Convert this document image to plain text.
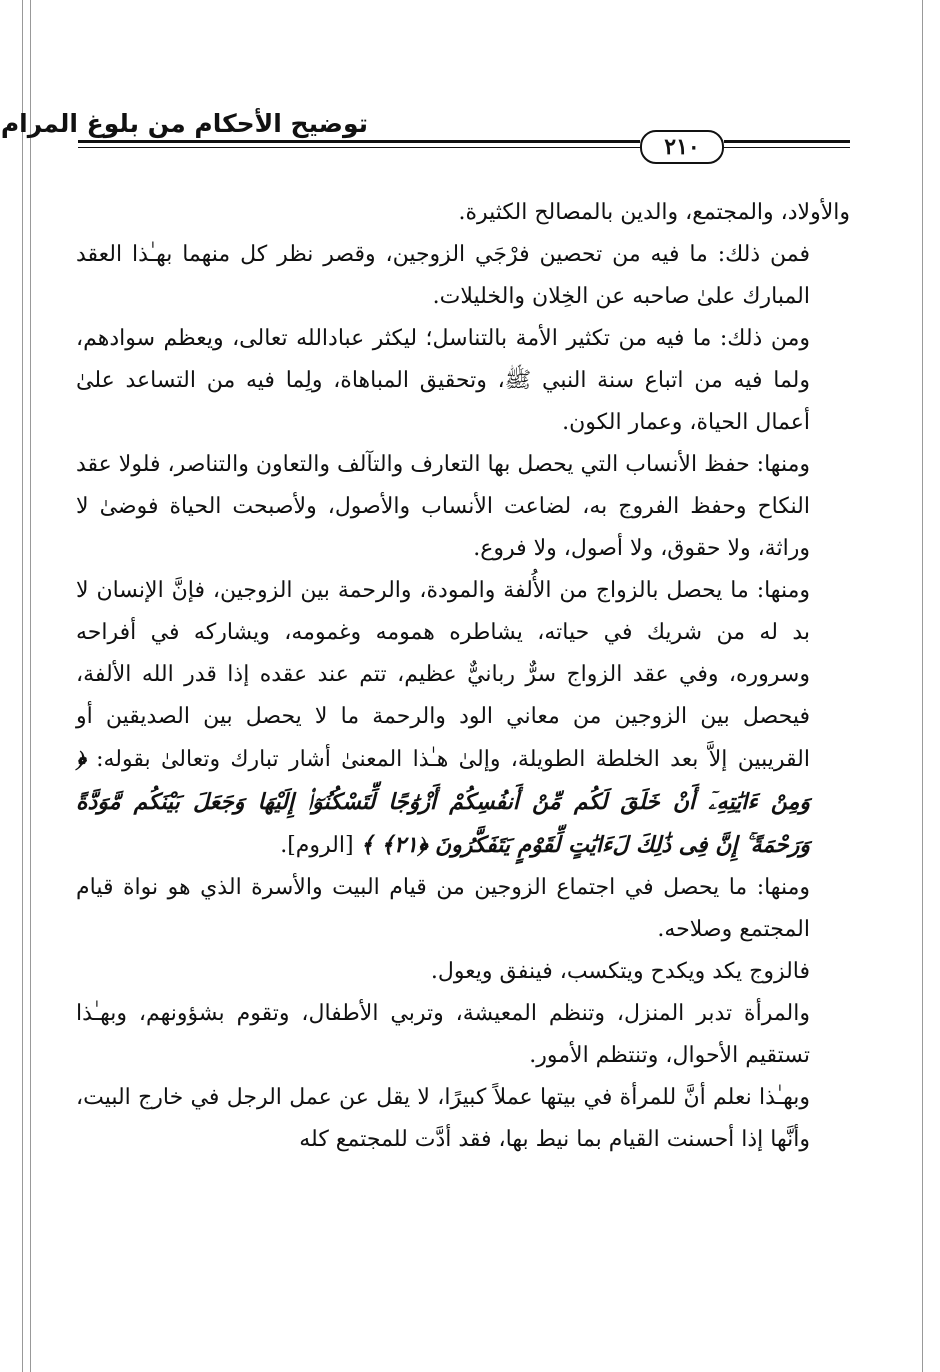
توضيح الأحكام من بلوغ المرام
٢١٠

والأولاد، والمجتمع، والدين بالمصالح الكثيرة.

فمن ذلك: ما فيه من تحصين فرْجَي الزوجين، وقصر نظر كل منهما بهـٰذا العقد المبارك علىٰ صاحبه عن الخِلان والخليلات.

ومن ذلك: ما فيه من تكثير الأمة بالتناسل؛ ليكثر عبادالله تعالى، ويعظم سوادهم، ولما فيه من اتباع سنة النبي ﷺ، وتحقيق المباهاة، ولِما فيه من التساعد علىٰ أعمال الحياة، وعمار الكون.

ومنها: حفظ الأنساب التي يحصل بها التعارف والتآلف والتعاون والتناصر، فلولا عقد النكاح وحفظ الفروج به، لضاعت الأنساب والأصول، ولأصبحت الحياة فوضىٰ لا وراثة، ولا حقوق، ولا أصول، ولا فروع.

ومنها: ما يحصل بالزواج من الأُلفة والمودة، والرحمة بين الزوجين، فإنَّ الإنسان لا بد له من شريك في حياته، يشاطره همومه وغمومه، ويشاركه في أفراحه وسروره، وفي عقد الزواج سرٌّ ربانيٌّ عظيم، تتم عند عقده إذا قدر الله الألفة، فيحصل بين الزوجين من معاني الود والرحمة ما لا يحصل بين الصديقين أو القريبين إلاَّ بعد الخلطة الطويلة، وإلىٰ هـٰذا المعنىٰ أشار تبارك وتعالىٰ بقوله: ﴿ وَمِنْ ءَايَٰتِهِۦٓ أَنْ خَلَقَ لَكُم مِّنْ أَنفُسِكُمْ أَزْوَٰجًا لِّتَسْكُنُوٓا۟ إِلَيْهَا وَجَعَلَ بَيْنَكُم مَّوَدَّةً وَرَحْمَةً ۚ إِنَّ فِى ذَٰلِكَ لَءَايَٰتٍ لِّقَوْمٍ يَتَفَكَّرُونَ ﴿٢١﴾ ﴾ [الروم].

ومنها: ما يحصل في اجتماع الزوجين من قيام البيت والأسرة الذي هو نواة قيام المجتمع وصلاحه.

فالزوج يكد ويكدح ويتكسب، فينفق ويعول.

والمرأة تدبر المنزل، وتنظم المعيشة، وتربي الأطفال، وتقوم بشؤونهم، وبهـٰذا تستقيم الأحوال، وتنتظم الأمور.

وبهـٰذا نعلم أنَّ للمرأة في بيتها عملاً كبيرًا، لا يقل عن عمل الرجل في خارج البيت، وأنَّها إذا أحسنت القيام بما نيط بها، فقد أدَّت للمجتمع كله
